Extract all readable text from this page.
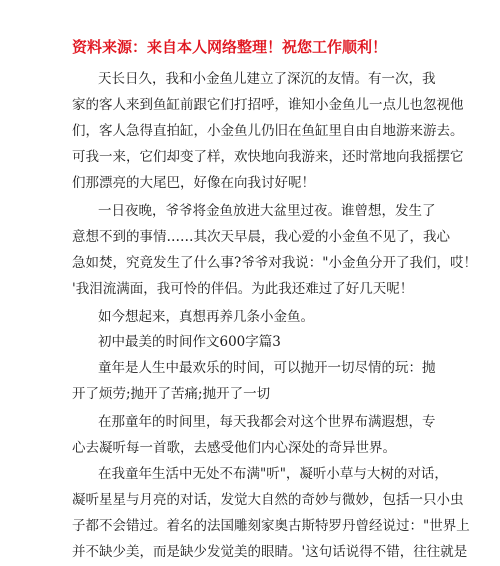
资料来源：来自本人网络整理！祝您工作顺利！
天长日久，我和小金鱼儿建立了深沉的友情。有一次，我
家的客人来到鱼缸前跟它们打招呼，谁知小金鱼儿一点儿也忽视他
们，客人急得直拍缸，小金鱼儿仍旧在鱼缸里自由自地游来游去。
可我一来，它们却变了样，欢快地向我游来，还时常地向我摇摆它
们那漂亮的大尾巴，好像在向我讨好呢！
一日夜晚，爷爷将金鱼放进大盆里过夜。谁曾想，发生了
意想不到的事情……其次天早晨，我心爱的小金鱼不见了，我心
急如焚，究竟发生了什么事?爷爷对我说："小金鱼分开了我们，哎！
'我泪流满面，我可怜的伴侣。为此我还难过了好几天呢！
如今想起来，真想再养几条小金鱼。
初中最美的时间作文600字篇3
童年是人生中最欢乐的时间，可以抛开一切尽情的玩：抛
开了烦劳;抛开了苦痛;抛开了一切
在那童年的时间里，每天我都会对这个世界布满遐想，专
心去凝听每一首歌，去感受他们内心深处的奇异世界。
在我童年生活中无处不布满"听"，凝听小草与大树的对话，
凝听星星与月亮的对话，发觉大自然的奇妙与微妙，包括一只小虫
子都不会错过。着名的法国雕刻家奥古斯特罗丹曾经说过："世界上
并不缺少美，而是缺少发觉美的眼睛。'这句话说得不错，往往就是
